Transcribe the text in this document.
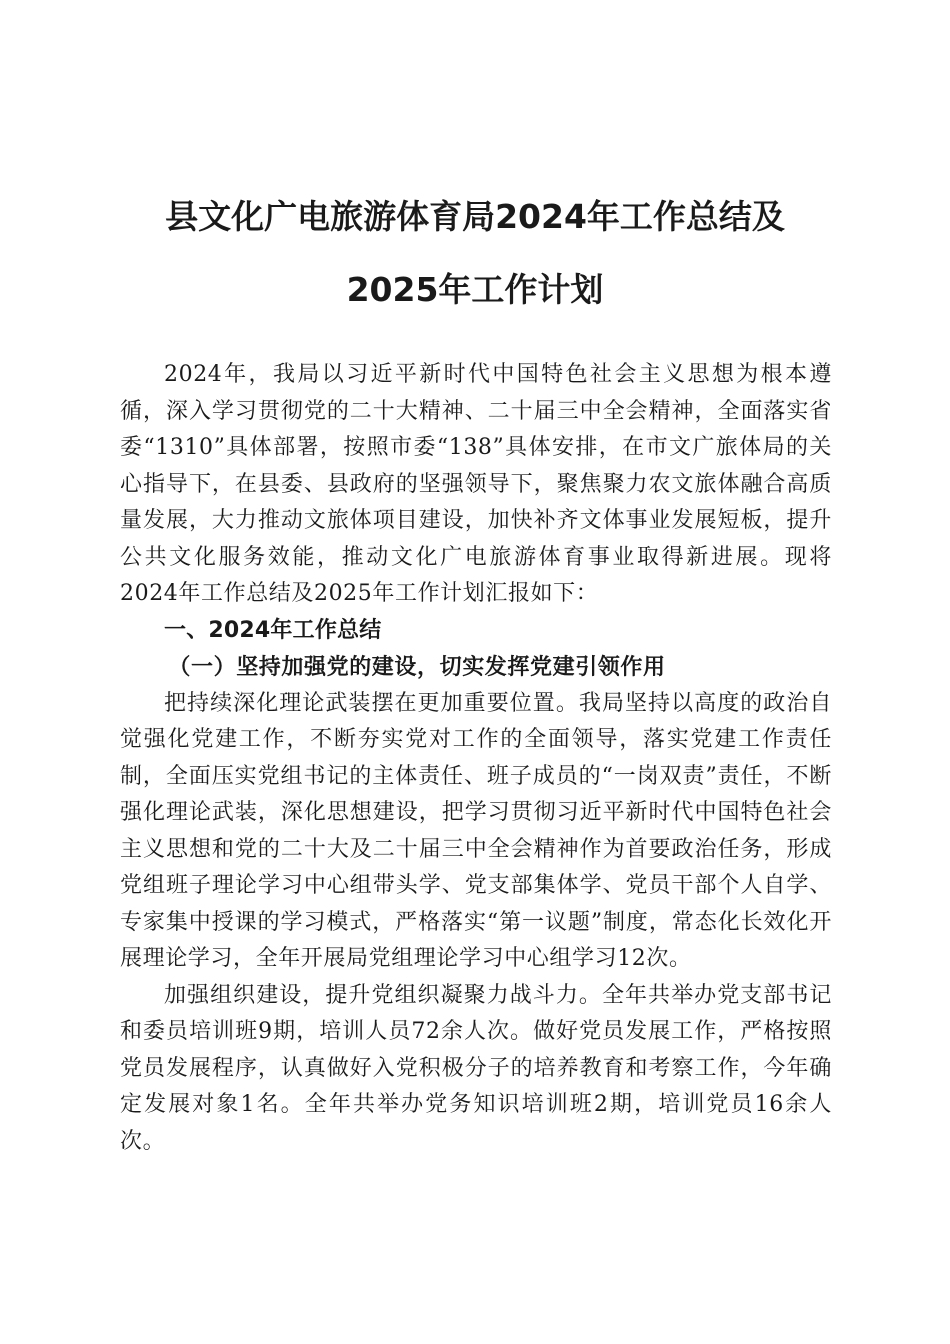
县文化广电旅游体育局2024年工作总结及
2025年工作计划

2024年，我局以习近平新时代中国特色社会主义思想为根本遵循，深入学习贯彻党的二十大精神、二十届三中全会精神，全面落实省委“1310”具体部署，按照市委“138”具体安排，在市文广旅体局的关心指导下，在县委、县政府的坚强领导下，聚焦聚力农文旅体融合高质量发展，大力推动文旅体项目建设，加快补齐文体事业发展短板，提升公共文化服务效能，推动文化广电旅游体育事业取得新进展。现将2024年工作总结及2025年工作计划汇报如下：

一、2024年工作总结

（一）坚持加强党的建设，切实发挥党建引领作用

把持续深化理论武装摆在更加重要位置。我局坚持以高度的政治自觉强化党建工作，不断夯实党对工作的全面领导，落实党建工作责任制，全面压实党组书记的主体责任、班子成员的“一岗双责”责任，不断强化理论武装，深化思想建设，把学习贯彻习近平新时代中国特色社会主义思想和党的二十大及二十届三中全会精神作为首要政治任务，形成党组班子理论学习中心组带头学、党支部集体学、党员干部个人自学、专家集中授课的学习模式，严格落实“第一议题”制度，常态化长效化开展理论学习，全年开展局党组理论学习中心组学习12次。

加强组织建设，提升党组织凝聚力战斗力。全年共举办党支部书记和委员培训班9期，培训人员72余人次。做好党员发展工作，严格按照党员发展程序，认真做好入党积极分子的培养教育和考察工作，今年确定发展对象1名。全年共举办党务知识培训班2期，培训党员16余人次。
